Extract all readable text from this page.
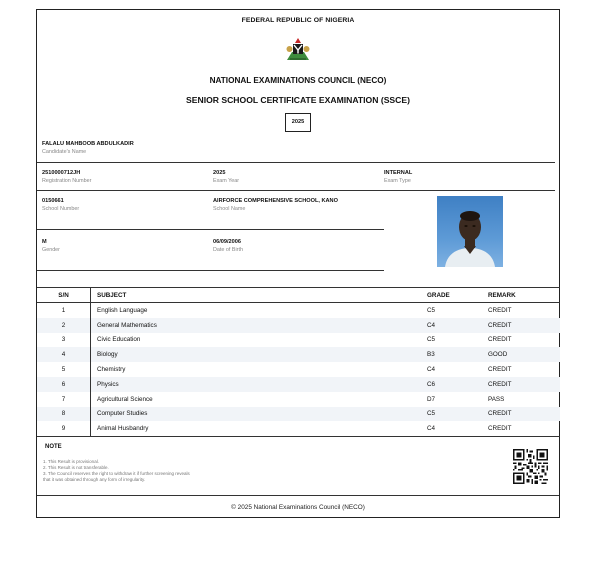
FEDERAL REPUBLIC OF NIGERIA
NATIONAL EXAMINATIONS COUNCIL (NECO)
SENIOR SCHOOL CERTIFICATE EXAMINATION (SSCE)
2025
FALALU MAHBOOB ABDULKADIR
Candidate's Name
2510000712JH
Registration Number
2025
Exam Year
INTERNAL
Exam Type
0150661
School Number
AIRFORCE COMPREHENSIVE SCHOOL, KANO
School Name
M
Gender
06/09/2006
Date of Birth
S/N	SUBJECT	GRADE	REMARK
1	English Language	C5	CREDIT
2	General Mathematics	C4	CREDIT
3	Civic Education	C5	CREDIT
4	Biology	B3	GOOD
5	Chemistry	C4	CREDIT
6	Physics	C6	CREDIT
7	Agricultural Science	D7	PASS
8	Computer Studies	C5	CREDIT
9	Animal Husbandry	C4	CREDIT
NOTE
1. This Result is provisional.
2. This Result is not transferable.
3. The Council reserves the right to withdraw it if further screening reveals
that it was obtained through any form of irregularity.
© 2025 National Examinations Council (NECO)
